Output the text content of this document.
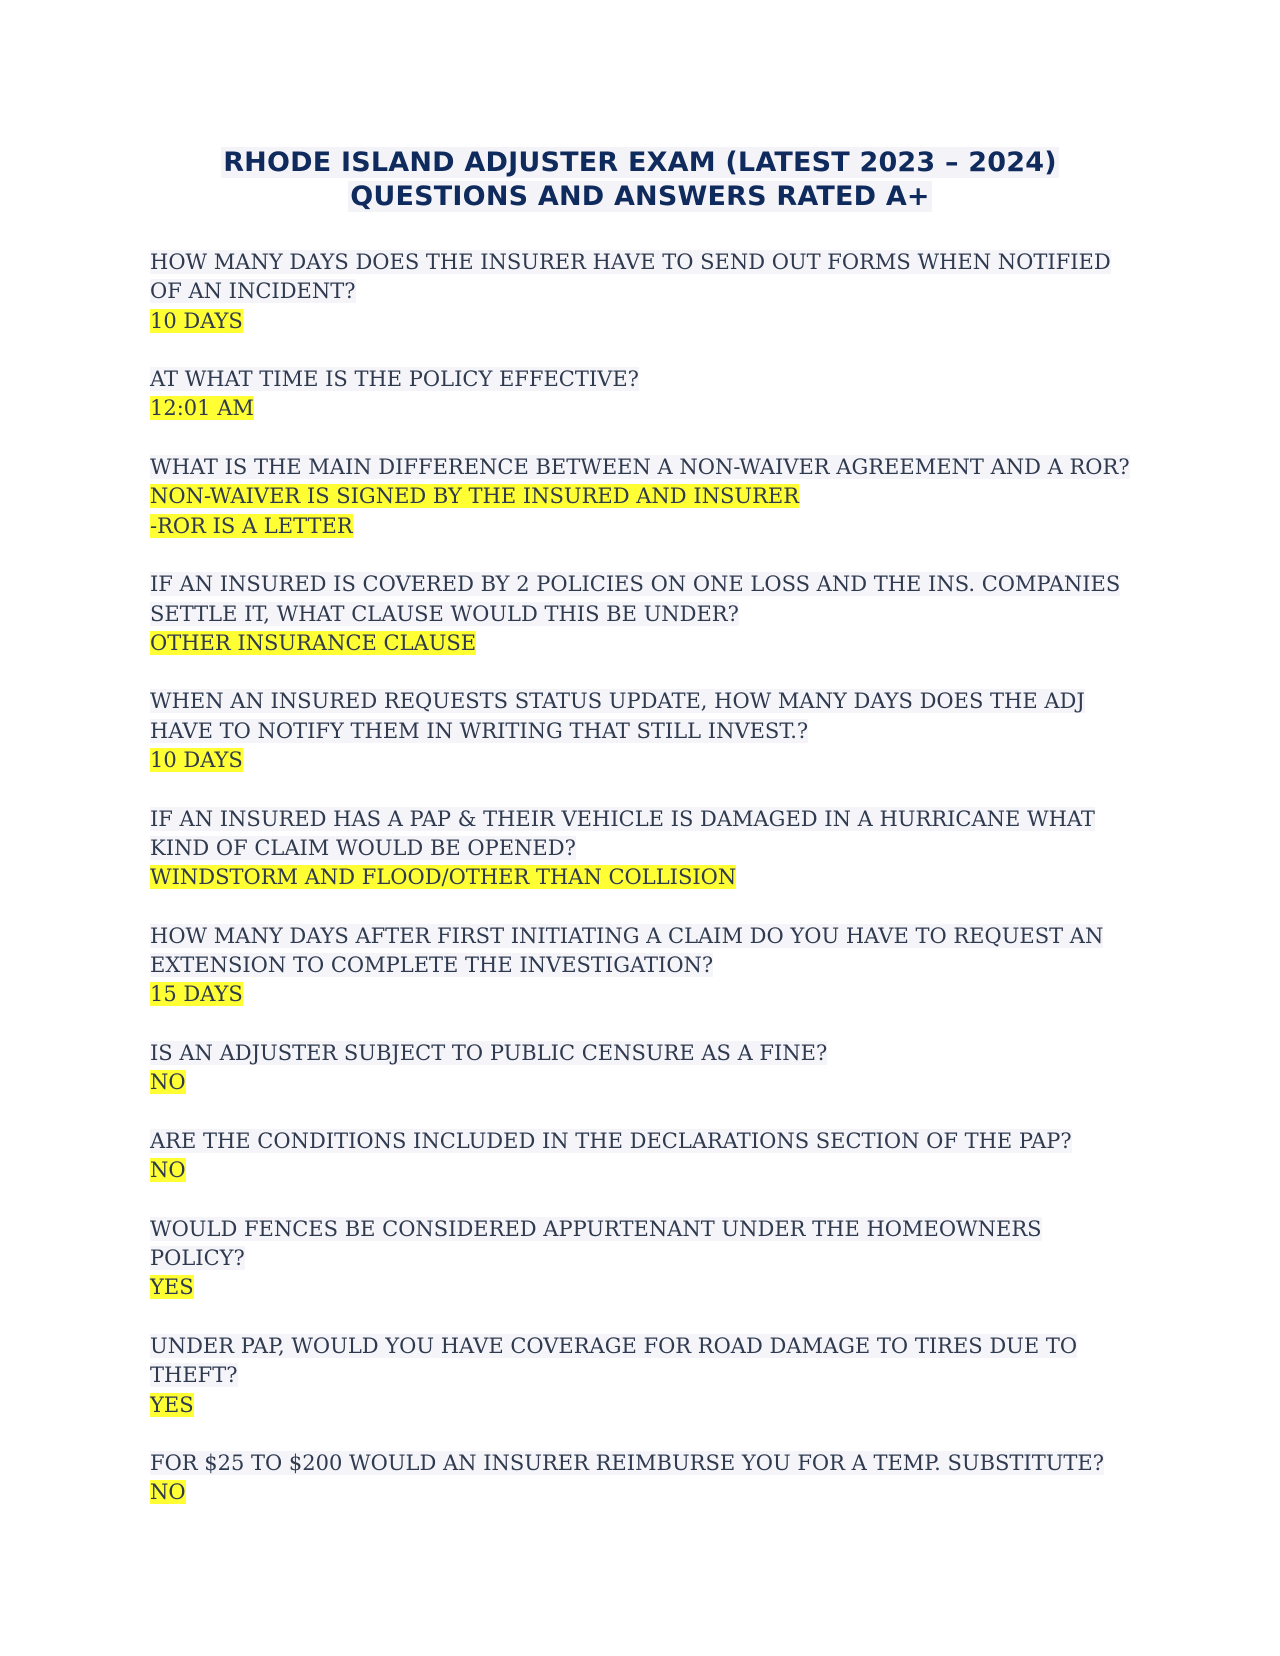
RHODE ISLAND ADJUSTER EXAM (LATEST 2023 – 2024)
QUESTIONS AND ANSWERS RATED A+

HOW MANY DAYS DOES THE INSURER HAVE TO SEND OUT FORMS WHEN NOTIFIED OF AN INCIDENT?

10 DAYS

AT WHAT TIME IS THE POLICY EFFECTIVE?

12:01 AM

WHAT IS THE MAIN DIFFERENCE BETWEEN A NON-WAIVER AGREEMENT AND A ROR?

NON-WAIVER IS SIGNED BY THE INSURED AND INSURER

-ROR IS A LETTER

IF AN INSURED IS COVERED BY 2 POLICIES ON ONE LOSS AND THE INS. COMPANIES SETTLE IT, WHAT CLAUSE WOULD THIS BE UNDER?

OTHER INSURANCE CLAUSE

WHEN AN INSURED REQUESTS STATUS UPDATE, HOW MANY DAYS DOES THE ADJ HAVE TO NOTIFY THEM IN WRITING THAT STILL INVEST.?

10 DAYS

IF AN INSURED HAS A PAP & THEIR VEHICLE IS DAMAGED IN A HURRICANE WHAT KIND OF CLAIM WOULD BE OPENED?

WINDSTORM AND FLOOD/OTHER THAN COLLISION

HOW MANY DAYS AFTER FIRST INITIATING A CLAIM DO YOU HAVE TO REQUEST AN EXTENSION TO COMPLETE THE INVESTIGATION?

15 DAYS

IS AN ADJUSTER SUBJECT TO PUBLIC CENSURE AS A FINE?

NO

ARE THE CONDITIONS INCLUDED IN THE DECLARATIONS SECTION OF THE PAP?

NO

WOULD FENCES BE CONSIDERED APPURTENANT UNDER THE HOMEOWNERS POLICY?

YES

UNDER PAP, WOULD YOU HAVE COVERAGE FOR ROAD DAMAGE TO TIRES DUE TO THEFT?

YES

FOR $25 TO $200 WOULD AN INSURER REIMBURSE YOU FOR A TEMP. SUBSTITUTE?

NO
